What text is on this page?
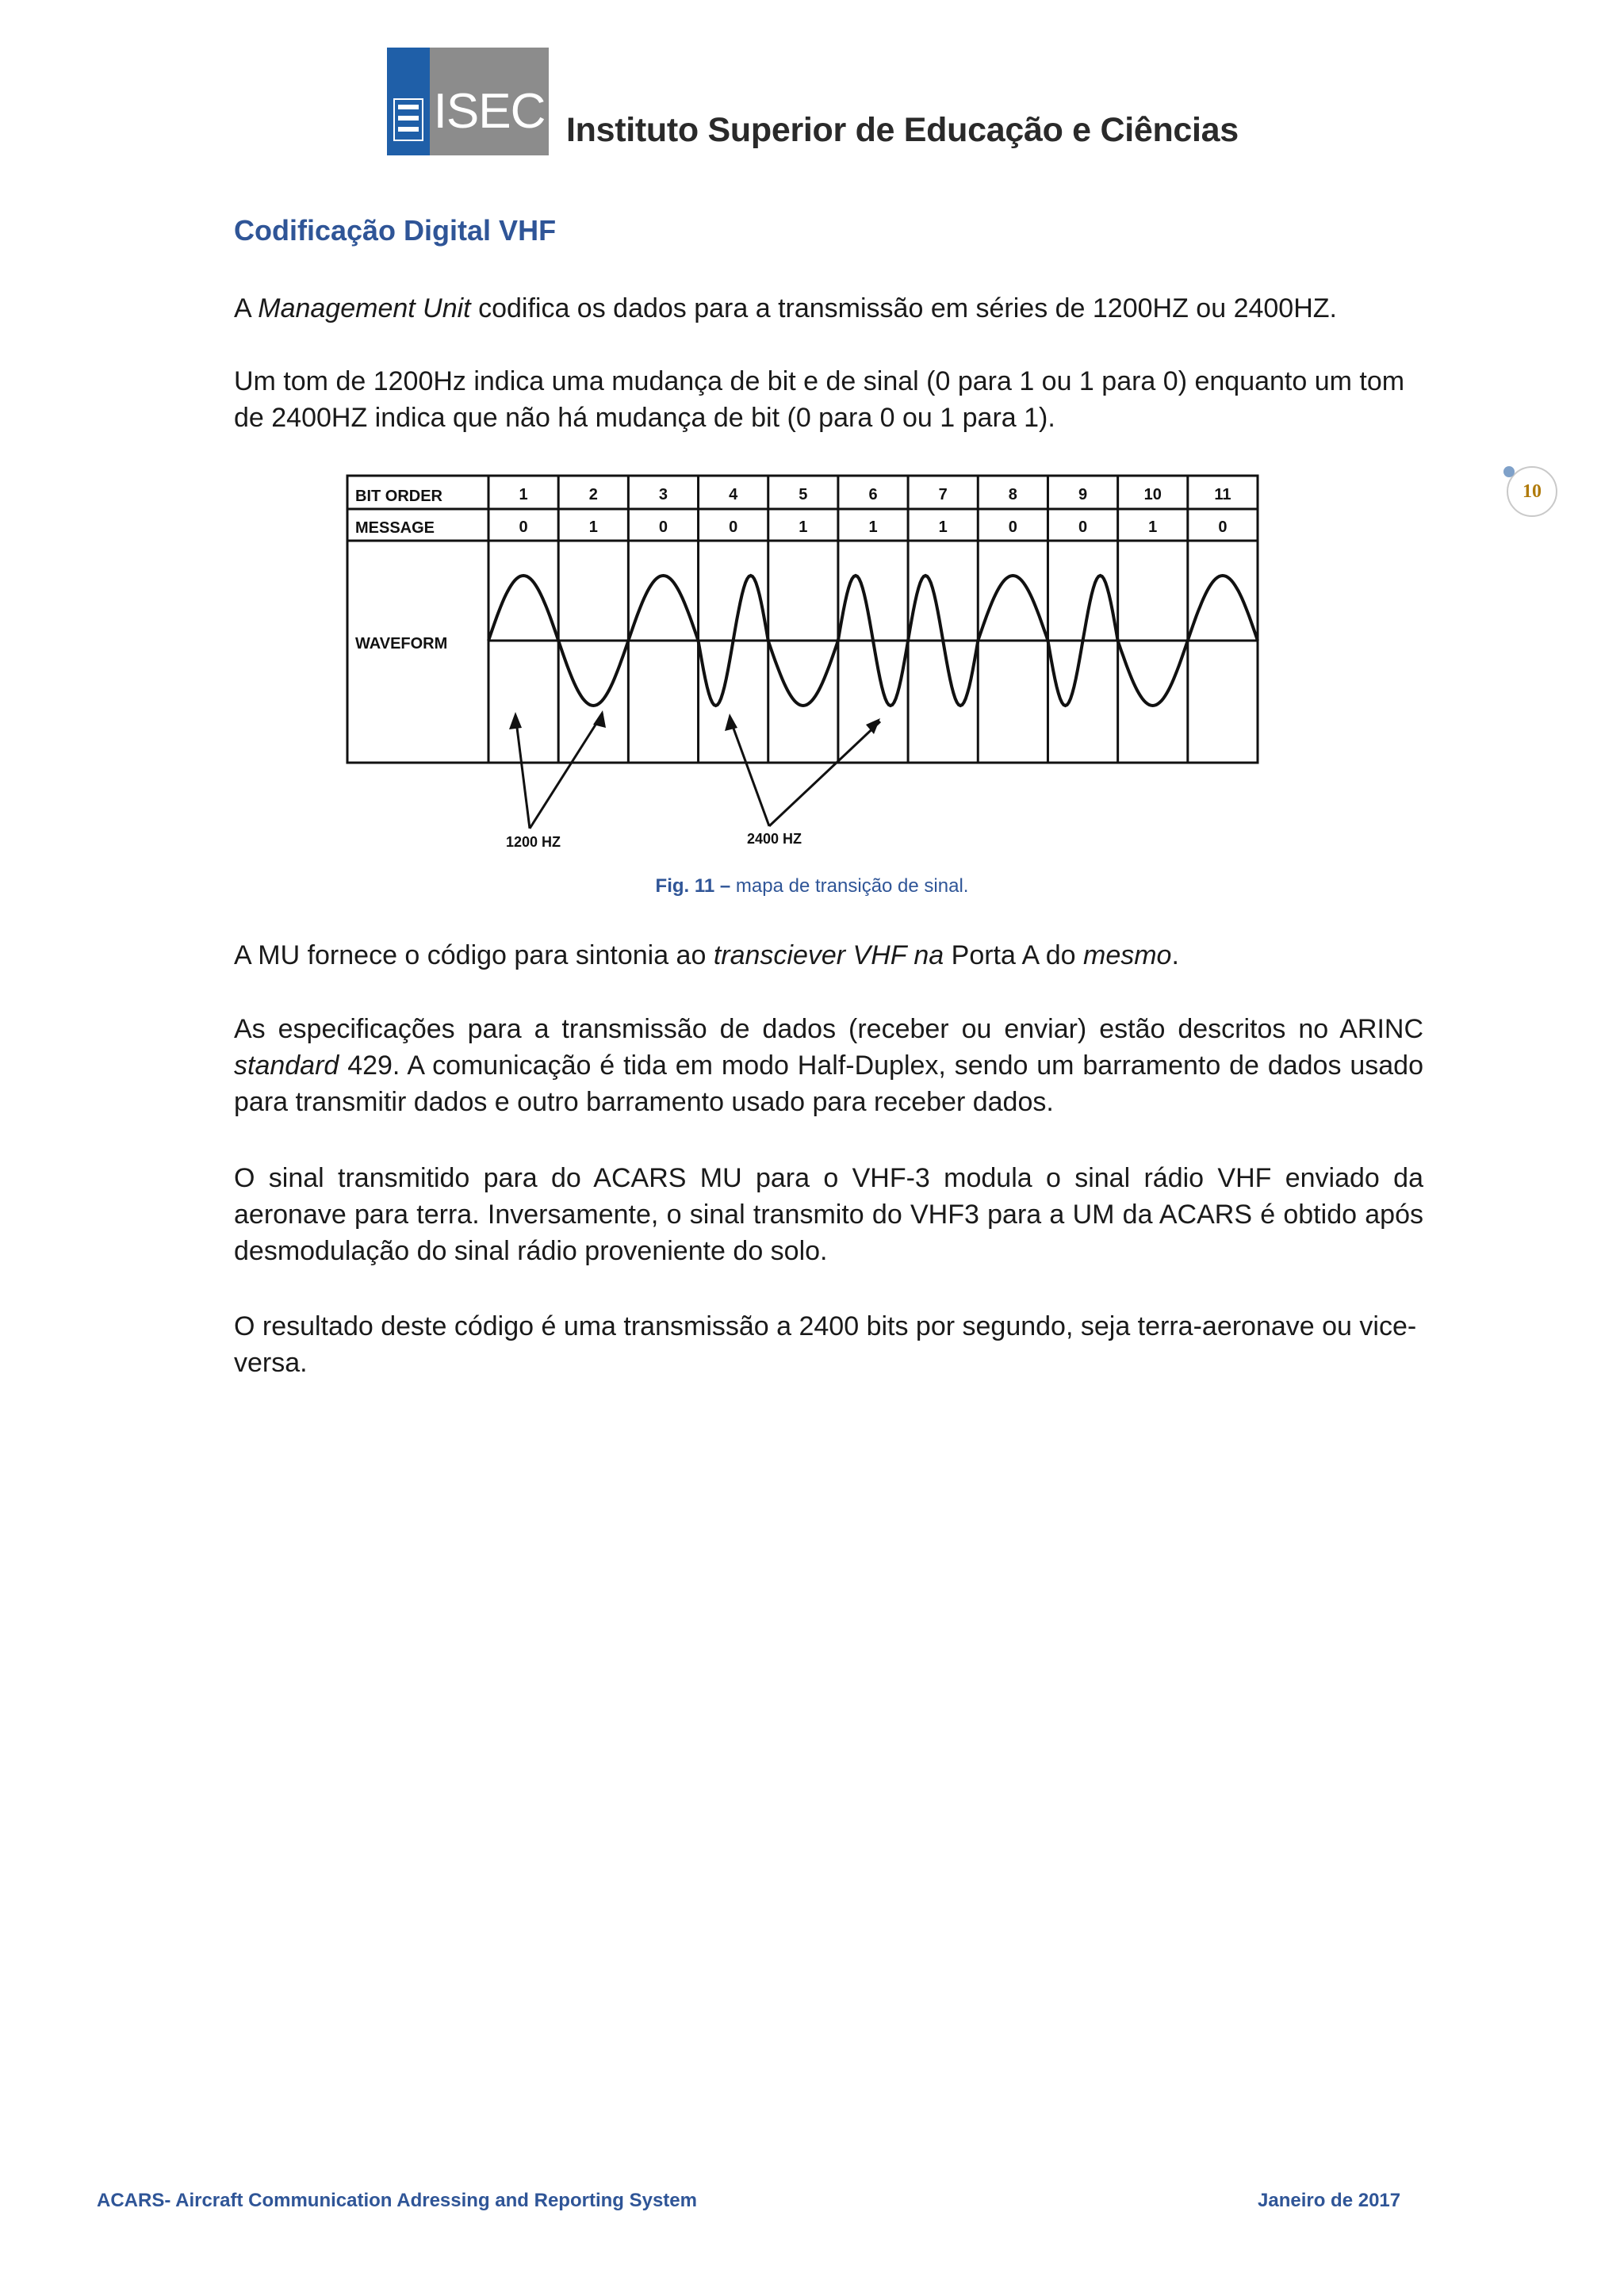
ISEC Instituto Superior de Educação e Ciências
10
Codificação Digital VHF
A Management Unit codifica os dados para a transmissão em séries de 1200HZ ou 2400HZ.
Um tom de 1200Hz indica uma mudança de bit e de sinal (0 para 1 ou 1 para 0) enquanto um tom de 2400HZ indica que não há mudança de bit (0 para 0 ou 1 para 1).
BIT ORDER
MESSAGE
WAVEFORM
1
0
2
1
3
0
4
0
5
1
6
1
7
1
8
0
9
0
10
1
11
0
1200 HZ	2400 HZ
Fig. 11 – mapa de transição de sinal.
A MU fornece o código para sintonia ao transciever VHF na Porta A do mesmo.
As especificações para a transmissão de dados (receber ou enviar) estão descritos no ARINC standard 429. A comunicação é tida em modo Half-Duplex, sendo um barramento de dados usado para transmitir dados e outro barramento usado para receber dados.
O sinal transmitido para do ACARS MU para o VHF-3 modula o sinal rádio VHF enviado da aeronave para terra. Inversamente, o sinal transmito do VHF3 para a UM da ACARS é obtido após desmodulação do sinal rádio proveniente do solo.
O resultado deste código é uma transmissão a 2400 bits por segundo, seja terra-aeronave ou vice-versa.
ACARS- Aircraft Communication Adressing and Reporting System	Janeiro de 2017
